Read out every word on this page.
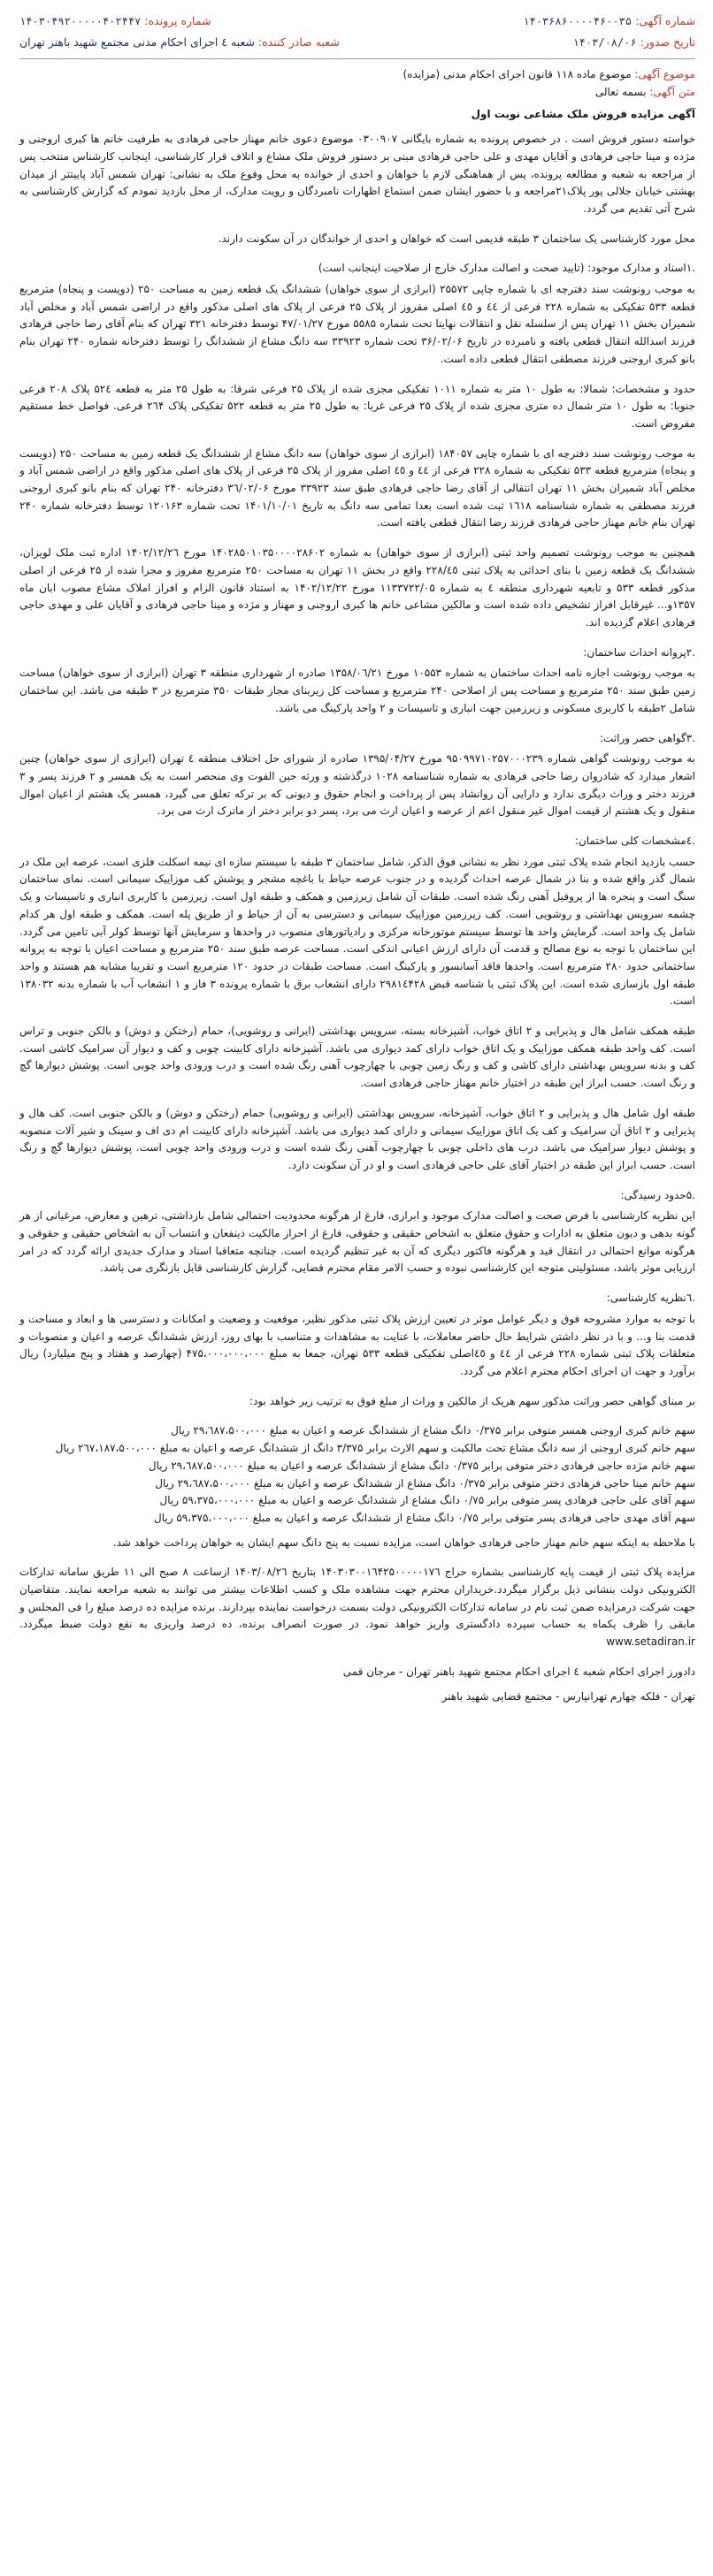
شماره آگهی: ۱۴۰۳۶۸۶۰۰۰۰۴۶۰۰۳۵
شماره پرونده: ۱۴۰۳۰۴۹۲۰۰۰۰۰۴۰۲۴۴۷
تاریخ صدور: ۱۴۰۳/۰۸/۰۶
شعبه صادر کننده: شعبه ٤ اجرای احکام مدنی مجتمع شهید باهنر تهران
موضوع آگهی: موضوع ماده ۱۱۸ قانون اجرای احکام مدنی (مزایده)
متن آگهی: بسمه تعالی
آگهی مزایده فروش ملک مشاعی نوبت اول

خواسته دستور فروش است . در خصوص پرونده به شماره بایگانی ۰۳۰۰۹۰۷ موضوع دعوی خانم مهناز حاجی فرهادی به طرفیت خانم ها کبری اروجنی و مژده و مینا حاجی فرهادی و آقایان مهدی و علی حاجی فرهادی مبنی بر دستور فروش ملک مشاع و اتلاف قرار کارشناسی، اینجانب کارشناس منتخب پس از مراجعه به شعبه و مطالعه پرونده، پس از هماهنگی لازم با خواهان و احدی از خوانده به محل وقوع ملک به نشانی: تهران شمس آباد پاییتتر از میدان بهشتی خیابان جلالی پور پلاک۲۱مراجعه و با حضور ایشان ضمن استماع اظهارات نامبردگان و رویت مدارک، از محل بازدید نمودم که گزارش کارشناسی به شرح آتی تقدیم می گردد.

محل مورد کارشناسی یک ساختمان ۳ طبقه قدیمی است که خواهان و احدی از خواندگان در آن سکونت دارند.

.۱اسناد و مدارک موجود: (تایید صحت و اصالت مدارک خارج از صلاحیت اینجانب است)

به موجب رونوشت سند دفترچه ای با شماره چاپی ۲۵۵۷۲ (ابرازی از سوی خواهان) ششدانگ یک قطعه زمین به مساحت ۲۵۰ (دویست و پنجاه) مترمربع قطعه ۵۳۳ تفکیکی به شماره ۲۲۸ فرعی از ٤٤ و ٤٥ اصلی مفروز از پلاک ۲۵ فرعی از پلاک های اصلی مذکور واقع در اراضی شمس آباد و مخلص آباد شمیران بخش ۱۱ تهران پس از سلسله نقل و انتقالات نهایتا تحت شماره ۵۵۸۵ مورخ ۴۷/۰۱/۲۷ توسط دفترخانه ۳۲۱ تهران که بنام آقای رضا حاجی فرهادی فرزند اسدالله انتقال قطعی یافته و نامبرده در تاریخ ۳۶/۰۲/۰۶ تحت شماره ۳۳۹۲۳ سه دانگ مشاع از ششدانگ را توسط دفترخانه شماره ۲۴۰ تهران بنام بانو کبری اروجنی فرزند مصطفی انتقال قطعی داده است.

حدود و مشخصات: شمالا: به طول ۱۰ متر به شماره ۱۰۱۱ تفکیکی مجزی شده از پلاک ۲۵ فرعی شرقا: به طول ۲۵ متر به قطعه ۵۲٤ پلاک ۲۰۸ فرعی جنوبا: به طول ۱۰ متر شمال ده متری مجزی شده از پلاک ۲۵ فرعی غربا: به طول ۲۵ متر به قطعه ۵۲۲ تفکیکی پلاک ۲٦۴ فرعی. فواصل خط مستقیم مفروض است.

به موجب رونوشت سند دفترچه ای با شماره چاپی ۱۸۴۰۵۷ (ابرازی از سوی خواهان) سه دانگ مشاع از ششدانگ یک قطعه زمین به مساحت ۲۵۰ (دویست و پنجاه) مترمربع قطعه ۵۳۳ تفکیکی به شماره ۲۲۸ فرعی از ٤٤ و ٤٥ اصلی مفروز از پلاک ۲۵ فرعی از پلاک های اصلی مذکور واقع در اراضی شمس آباد و مخلص آباد شمیران بخش ۱۱ تهران انتقالی از آقای رضا حاجی فرهادی طبق سند ۳۳۹۲۳ مورخ ۳٦/۰۲/۰۶ دفترخانه ۲۴۰ تهران که بنام بانو کبری اروجنی فرزند مصطفی به شماره شناسنامه ۱٦۱۸ ثبت شده است بعدا تمامی سه دانگ به تاریخ ۱۴۰۱/۱۰/۰۱ تحت شماره ۱۲۰۱۶۳ توسط دفترخانه شماره ۲۴۰ تهران بنام خانم مهناز حاجی فرهادی فرزند رضا انتقال قطعی یافته است.

همچنین به موجب رونوشت تصمیم واحد ثبتی (ابرازی از سوی خواهان) به شماره ۱۴۰۲۸۵۰۱۰۳۵۰۰۰۰۲۸۶۰۲ مورخ ۱۴۰۲/۱۲/۲٦ اداره ثبت ملک لویزان، ششدانگ یک قطعه زمین با بنای احداثی به پلاک ثبتی ۲۲۸/٤٥ واقع در بخش ۱۱ تهران به مساحت ۲۵۰ مترمربع مفروز و مجزا شده از ۲۵ فرعی از اصلی مذکور قطعه ۵۳۳ و تابعیه شهرداری منطقه ٤ به شماره ۱۱۳۳۷۲۲/۰۵ مورخ ۱۴۰۲/۱۲/۲۲ به استناد قانون الزام و افراز املاک مشاع مصوب ابان ماه ۱۳۵۷و... غیرقابل افراز تشخیص داده شده است و مالکین مشاعی خانم ها کبری اروجنی و مهناز و مژده و مینا حاجی فرهادی و آقایان علی و مهدی حاجی فرهادی اعلام گردیده اند.

.۲پروانه احداث ساختمان:

به موجب رونوشت اجازه نامه احداث ساختمان به شماره ۱۰۵۵۳ مورخ ۱۳۵۸/۰٦/۲۱ صادره از شهرداری منطقه ۳ تهران (ابرازی از سوی خواهان) مساحت زمین طبق سند ۲۵۰ مترمربع و مساحت پس از اصلاحی ۲۴۰ مترمربع و مساحت کل زیربنای مجاز طبقات ۳۵۰ مترمربع در ۳ طبقه می باشد. این ساختمان شامل ۲طبقه با کاربری مسکونی و زیرزمین جهت انباری و تاسیسات و ۲ واحد پارکینگ می باشد.

.۳گواهی حصر وراثت:

به موجب رونوشت گواهی شماره ۹۵۰۹۹۷۱۰۲۵۷۰۰۰۲۳۹ مورخ ۱۳۹۵/۰۴/۲۷ صادره از شورای حل اختلاف منطقه ٤ تهران (ابرازی از سوی خواهان) چنین اشعار میدارد که شادروان رضا حاجی فرهادی به شماره شناسنامه ۱۰۲۸ درگذشته و ورثه حین الفوت وی منحصر است به یک همسر و ۲ فرزند پسر و ۳ فرزند دختر و وراث دیگری ندارد و دارایی آن روانشاد پس از پرداخت و انجام حقوق و دیونی که بر ترکه تعلق می گیرد، همسر یک هشتم از اعیان اموال منقول و یک هشتم از قیمت اموال غیر منقول اعم از عرصه و اعیان ارث می برد، پسر دو برابر دختر از ماترک ارث می برد.

.٤مشخصات کلی ساختمان:

حسب بازدید انجام شده پلاک ثبتی مورد نظر به نشانی فوق الذکر، شامل ساختمان ۳ طبقه با سیستم سازه ای نیمه اسکلت فلزی است، عرصه این ملک در شمال گذر واقع شده و بنا در شمال عرصه احداث گردیده و در جنوب عرصه حیاط با باغچه مشجر و پوشش کف موزاییک سیمانی است. نمای ساختمان سنگ است و پنجره ها از پروفیل آهنی رنگ شده است. طبقات آن شامل زیرزمین و همکف و طبقه اول است. زیرزمین با کاربری انباری و تاسیسات و یک چشمه سرویس بهداشتی و روشویی است. کف زیرزمین موزاییک سیمانی و دسترسی به آن از حیاط و از طریق پله است. همکف و طبقه اول هر کدام شامل یک واحد است. گرمایش واحد ها توسط سیستم موتورخانه مرکزی و رادیاتورهای منصوب در واحدها و سرمایش آنها توسط کولر آبی تامین می گردد. این ساختمان با توجه به نوع مصالح و قدمت آن دارای ارزش اعیانی اندکی است. مساحت عرصه طبق سند ۲۵۰ مترمربع و مساحت اعیان با توجه به پروانه ساختمانی حدود ۲۸۰ مترمربع است. واحدها فاقد آسانسور و پارکینگ است. مساحت طبقات در حدود ۱۲۰ مترمربع است و تقریبا مشابه هم هستند و واحد طبقه اول بازسازی شده است. این پلاک ثبتی با شناسه قبض ۲۹۸۱٤۴۲۸ دارای انشعاب برق با شماره پرونده ۳ فاز و ۱ انشعاب آب با شماره بدنه ۱۳۸۰۳۲ است.

طبقه همکف شامل هال و پذیرایی و ۲ اتاق خواب، آشپزخانه بسته، سرویس بهداشتی (ایرانی و روشویی)، حمام (رختکن و دوش) و بالکن جنوبی و تراس است. کف واحد طبقه همکف موزاییک و یک اتاق خواب دارای کمد دیواری می باشد. آشپزخانه دارای کابینت چوبی و کف و دیوار آن سرامیک کاشی است. کف و بدنه سرویس بهداشتی دارای کاشی و کف و رنگ زمین چوبی با چهارچوب آهنی رنگ شده است و درب ورودی واحد چوبی است. پوشش دیوارها گچ و رنگ است. حسب ابراز این طبقه در اختیار خانم مهناز حاجی فرهادی است.

طبقه اول شامل هال و پذیرایی و ۲ اتاق خواب، آشپزخانه، سرویس بهداشتی (ایرانی و روشویی) حمام (رختکن و دوش) و بالکن جنوبی است. کف هال و پذیرایی و ۲ اتاق آن سرامیک و کف یک اتاق موزاییک سیمانی و دارای کمد دیواری می باشد. آشپزخانه دارای کابینت ام دی اف و سینک و شیر آلات منصوبه و پوشش دیوار سرامیک می باشد. درب های داخلی چوبی با چهارچوب آهنی رنگ شده است و درب ورودی واحد چوبی است. پوشش دیوارها گچ و رنگ است. حسب ابراز این طبقه در اختیار آقای علی حاجی فرهادی است و او در آن سکونت دارد.

.۵حدود رسیدگی:

این نظریه کارشناسی با فرض صحت و اصالت مدارک موجود و ابرازی، فارغ از هرگونه محدودیت احتمالی شامل بازداشتی، ترهین و معارض، مرغیانی از هر گونه بدهی و دیون متعلق به ادارات و حقوق متعلق به اشخاص حقیقی و حقوقی، فارغ از احراز مالکیت ذینفعان و انتساب آن به اشخاص حقیقی و حقوقی و هرگونه موانع احتمالی در انتقال قید و هرگونه فاکتور دیگری که آن به غیر تنظیم گردیده است. چنانچه متعاقبا اسناد و مدارک جدیدی ارائه گردد که در امر ارزیابی موثر باشد، مسئولیتی متوجه این کارشناسی نبوده و حسب الامر مقام محترم قضایی، گزارش کارشناسی قابل بازنگری می باشد.

.٦نظریه کارشناسی:

با توجه به موارد مشروحه فوق و دیگر عوامل موثر در تعیین ارزش پلاک ثبتی مذکور نظیر، موقعیت و وضعیت و امکانات و دسترسی ها و ابعاد و مساحت و قدمت بنا و... و با در نظر داشتن شرایط حال حاضر معاملات، با عنایت به مشاهدات و متناسب با بهای روز، ارزش ششدانگ عرصه و اعیان و منصوبات و متعلقات پلاک ثبتی شماره ۲۲۸ فرعی از ٤٤ و ٤٥اصلی تفکیکی قطعه ۵۳۳ تهران، جمعا به مبلغ ۴۷۵،۰۰۰،۰۰۰،۰۰۰ (چهارصد و هفتاد و پنج میلیارد) ریال برآورد و جهت ان اجرای احکام محترم اعلام می گردد.

بر مبنای گواهی حصر وراثت مذکور سهم هریک از مالکین و وراث از مبلغ فوق به ترتیب زیر خواهد بود:

سهم خانم کبری اروجنی همسر متوفی برابر ۰/۳۷۵ دانگ مشاع از ششدانگ عرصه و اعیان به مبلغ ۲۹،٦۸۷،۵۰۰،۰۰۰ ریال

سهم خانم کبری اروجنی از سه دانگ مشاع تحت مالکیت و سهم الارث برابر ۳/۳۷۵ دانگ از ششدانگ عرصه و اعیان به مبلغ ۲٦۷،۱۸۷،۵۰۰،۰۰۰ ریال

سهم خانم مژده حاجی فرهادی دختر متوفی برابر ۰/۳۷۵ دانگ مشاع از ششدانگ عرصه و اعیان به مبلغ ۲۹،٦۸۷،۵۰۰،۰۰۰ ریال

سهم خانم مینا حاجی فرهادی دختر متوفی برابر ۰/۳۷۵ دانگ مشاع از ششدانگ عرصه و اعیان به مبلغ ۲۹،٦۸۷،۵۰۰،۰۰۰ ریال

سهم آقای علی حاجی فرهادی پسر متوفی برابر ۰/۷۵ دانگ مشاع از ششدانگ عرصه و اعیان به مبلغ ۵۹،۳۷۵،۰۰۰،۰۰۰ ریال

سهم آقای مهدی حاجی فرهادی پسر متوفی برابر ۰/۷۵ دانگ مشاع از ششدانگ عرصه و اعیان به مبلغ ۵۹،۳۷۵،۰۰۰،۰۰۰ ریال

با ملاحظه به اینکه سهم خانم مهناز حاجی فرهادی خواهان است، مزایده نسبت به پنج دانگ سهم ایشان به خواهان پرداخت خواهد شد.

مزایده پلاک ثبتی از قیمت پایه کارشناسی بشماره حراج ۱۴۰۳۰۳۰۰۱٦۴۲۵۰۰۰۰۰۱۷٦ بتاریخ ۱۴۰۳/۰۸/۲٦ ازساعت ۸ صبح الی ۱۱ طریق سامانه تدارکات الکترونیکی دولت بنشانی ذیل برگزار میگردد.خریداران محترم جهت مشاهده ملک و کسب اطلاعات بیشتر می توانند به شعبه مراجعه نمایند. متقاضیان جهت شرکت درمزایده ضمن ثبت نام در سامانه تدارکات الکترونیکی دولت بسمت درخواست نماینده بپردازند. برنده مزایده ده درصد مبلغ را فی المجلس و مابقی را ظرف یکماه به حساب سپرده دادگستری واریز خواهد نمود. در صورت انصراف برنده، ده درصد واریزی به نفع دولت ضبط میگردد. www.setadiran.ir

دادورز اجرای احکام شعبه ٤ اجرای احکام مجتمع شهید باهنر تهران - مرجان قمی

تهران - فلکه چهارم تهرانپارس - مجتمع قضایی شهید باهنر
